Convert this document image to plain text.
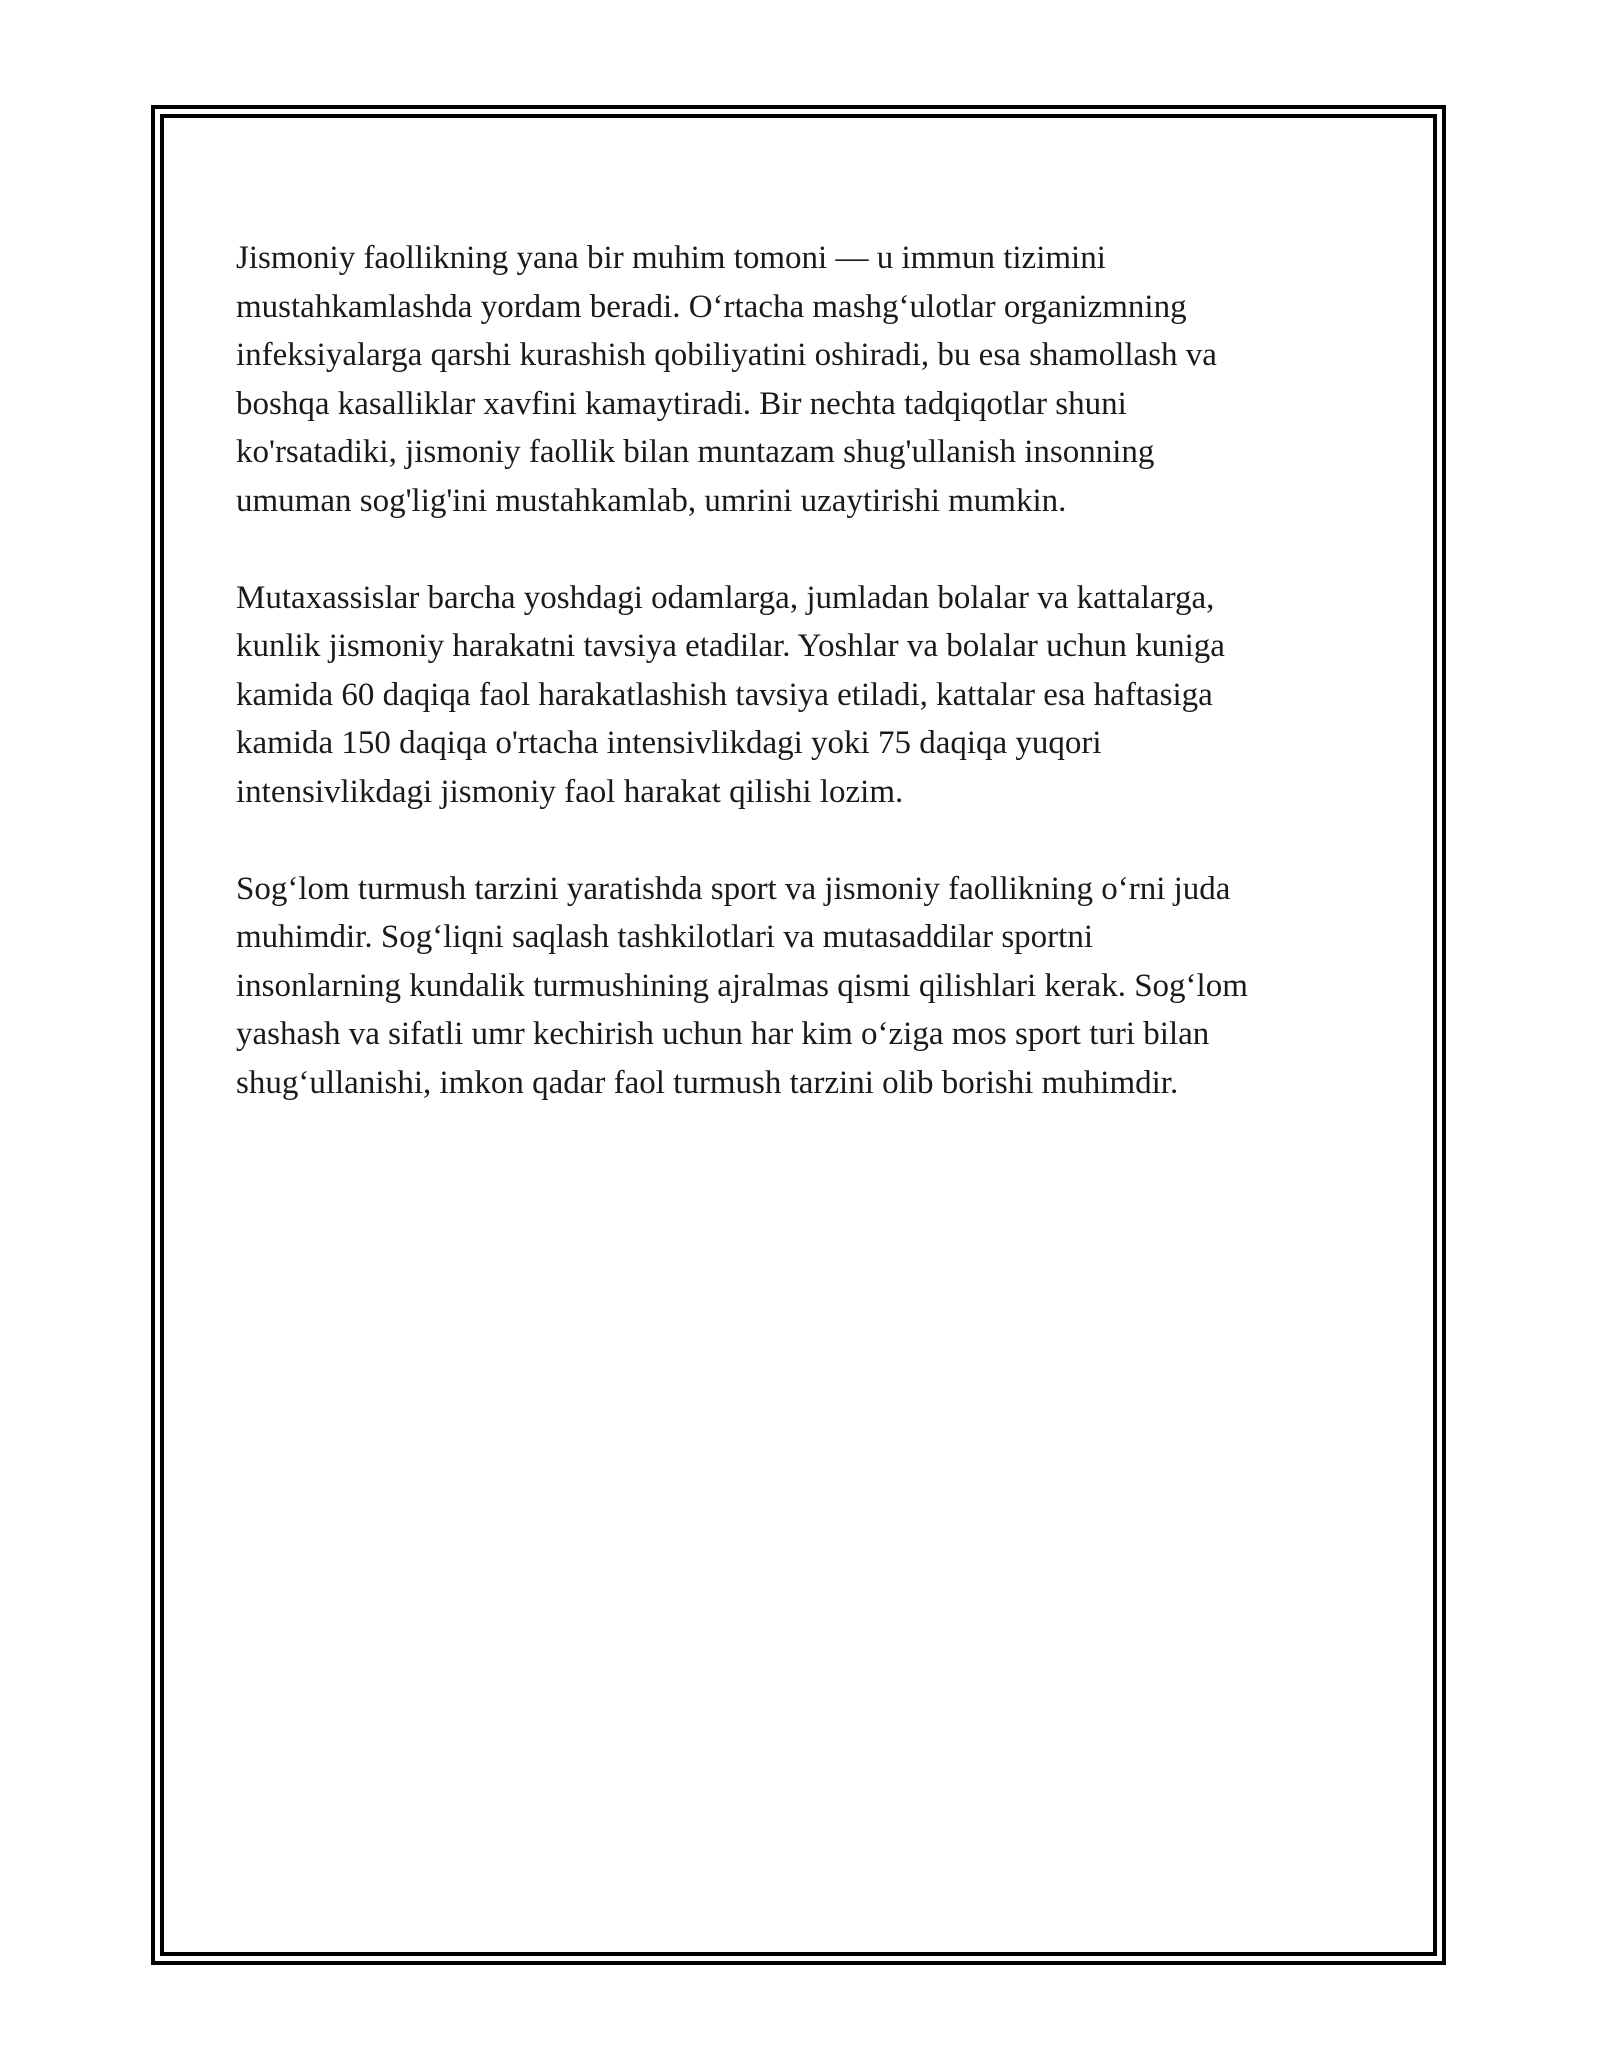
Jismoniy faollikning yana bir muhim tomoni — u immun tizimini
mustahkamlashda yordam beradi. O‘rtacha mashg‘ulotlar organizmning
infeksiyalarga qarshi kurashish qobiliyatini oshiradi, bu esa shamollash va
boshqa kasalliklar xavfini kamaytiradi. Bir nechta tadqiqotlar shuni
ko'rsatadiki, jismoniy faollik bilan muntazam shug'ullanish insonning
umuman sog'lig'ini mustahkamlab, umrini uzaytirishi mumkin.

Mutaxassislar barcha yoshdagi odamlarga, jumladan bolalar va kattalarga,
kunlik jismoniy harakatni tavsiya etadilar. Yoshlar va bolalar uchun kuniga
kamida 60 daqiqa faol harakatlashish tavsiya etiladi, kattalar esa haftasiga
kamida 150 daqiqa o'rtacha intensivlikdagi yoki 75 daqiqa yuqori
intensivlikdagi jismoniy faol harakat qilishi lozim.

Sog‘lom turmush tarzini yaratishda sport va jismoniy faollikning o‘rni juda
muhimdir. Sog‘liqni saqlash tashkilotlari va mutasaddilar sportni
insonlarning kundalik turmushining ajralmas qismi qilishlari kerak. Sog‘lom
yashash va sifatli umr kechirish uchun har kim o‘ziga mos sport turi bilan
shug‘ullanishi, imkon qadar faol turmush tarzini olib borishi muhimdir.
